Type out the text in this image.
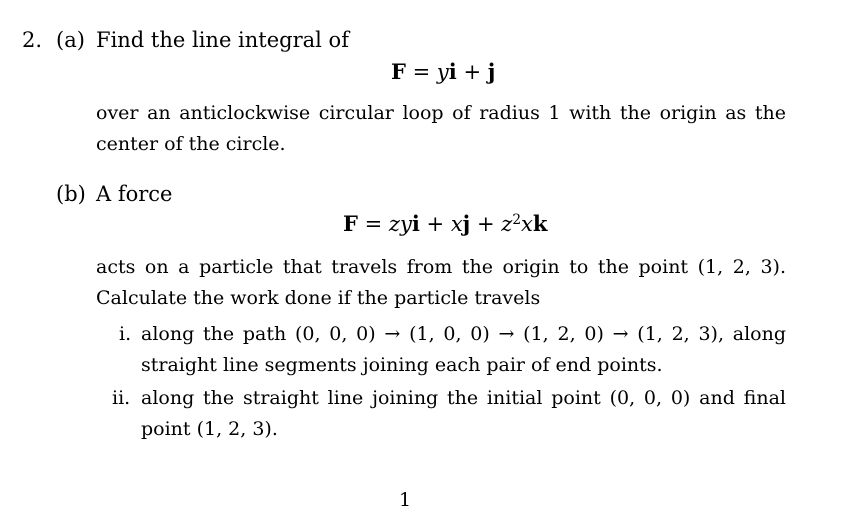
2. (a) Find the line integral of
F = yi + j
over an anticlockwise circular loop of radius 1 with the origin as the
center of the circle.
(b) A force
F = zyi + xj + $z^2xk$
acts on a particle that travels from the origin to the point (1, 2, 3).
Calculate the work done if the particle travels
i. along the path (0, 0, 0) → (1, 0, 0) → (1, 2, 0) → (1, 2, 3), along
straight line segments joining each pair of end points.
ii. along the straight line joining the initial point (0, 0, 0) and final
point (1, 2, 3).
1
